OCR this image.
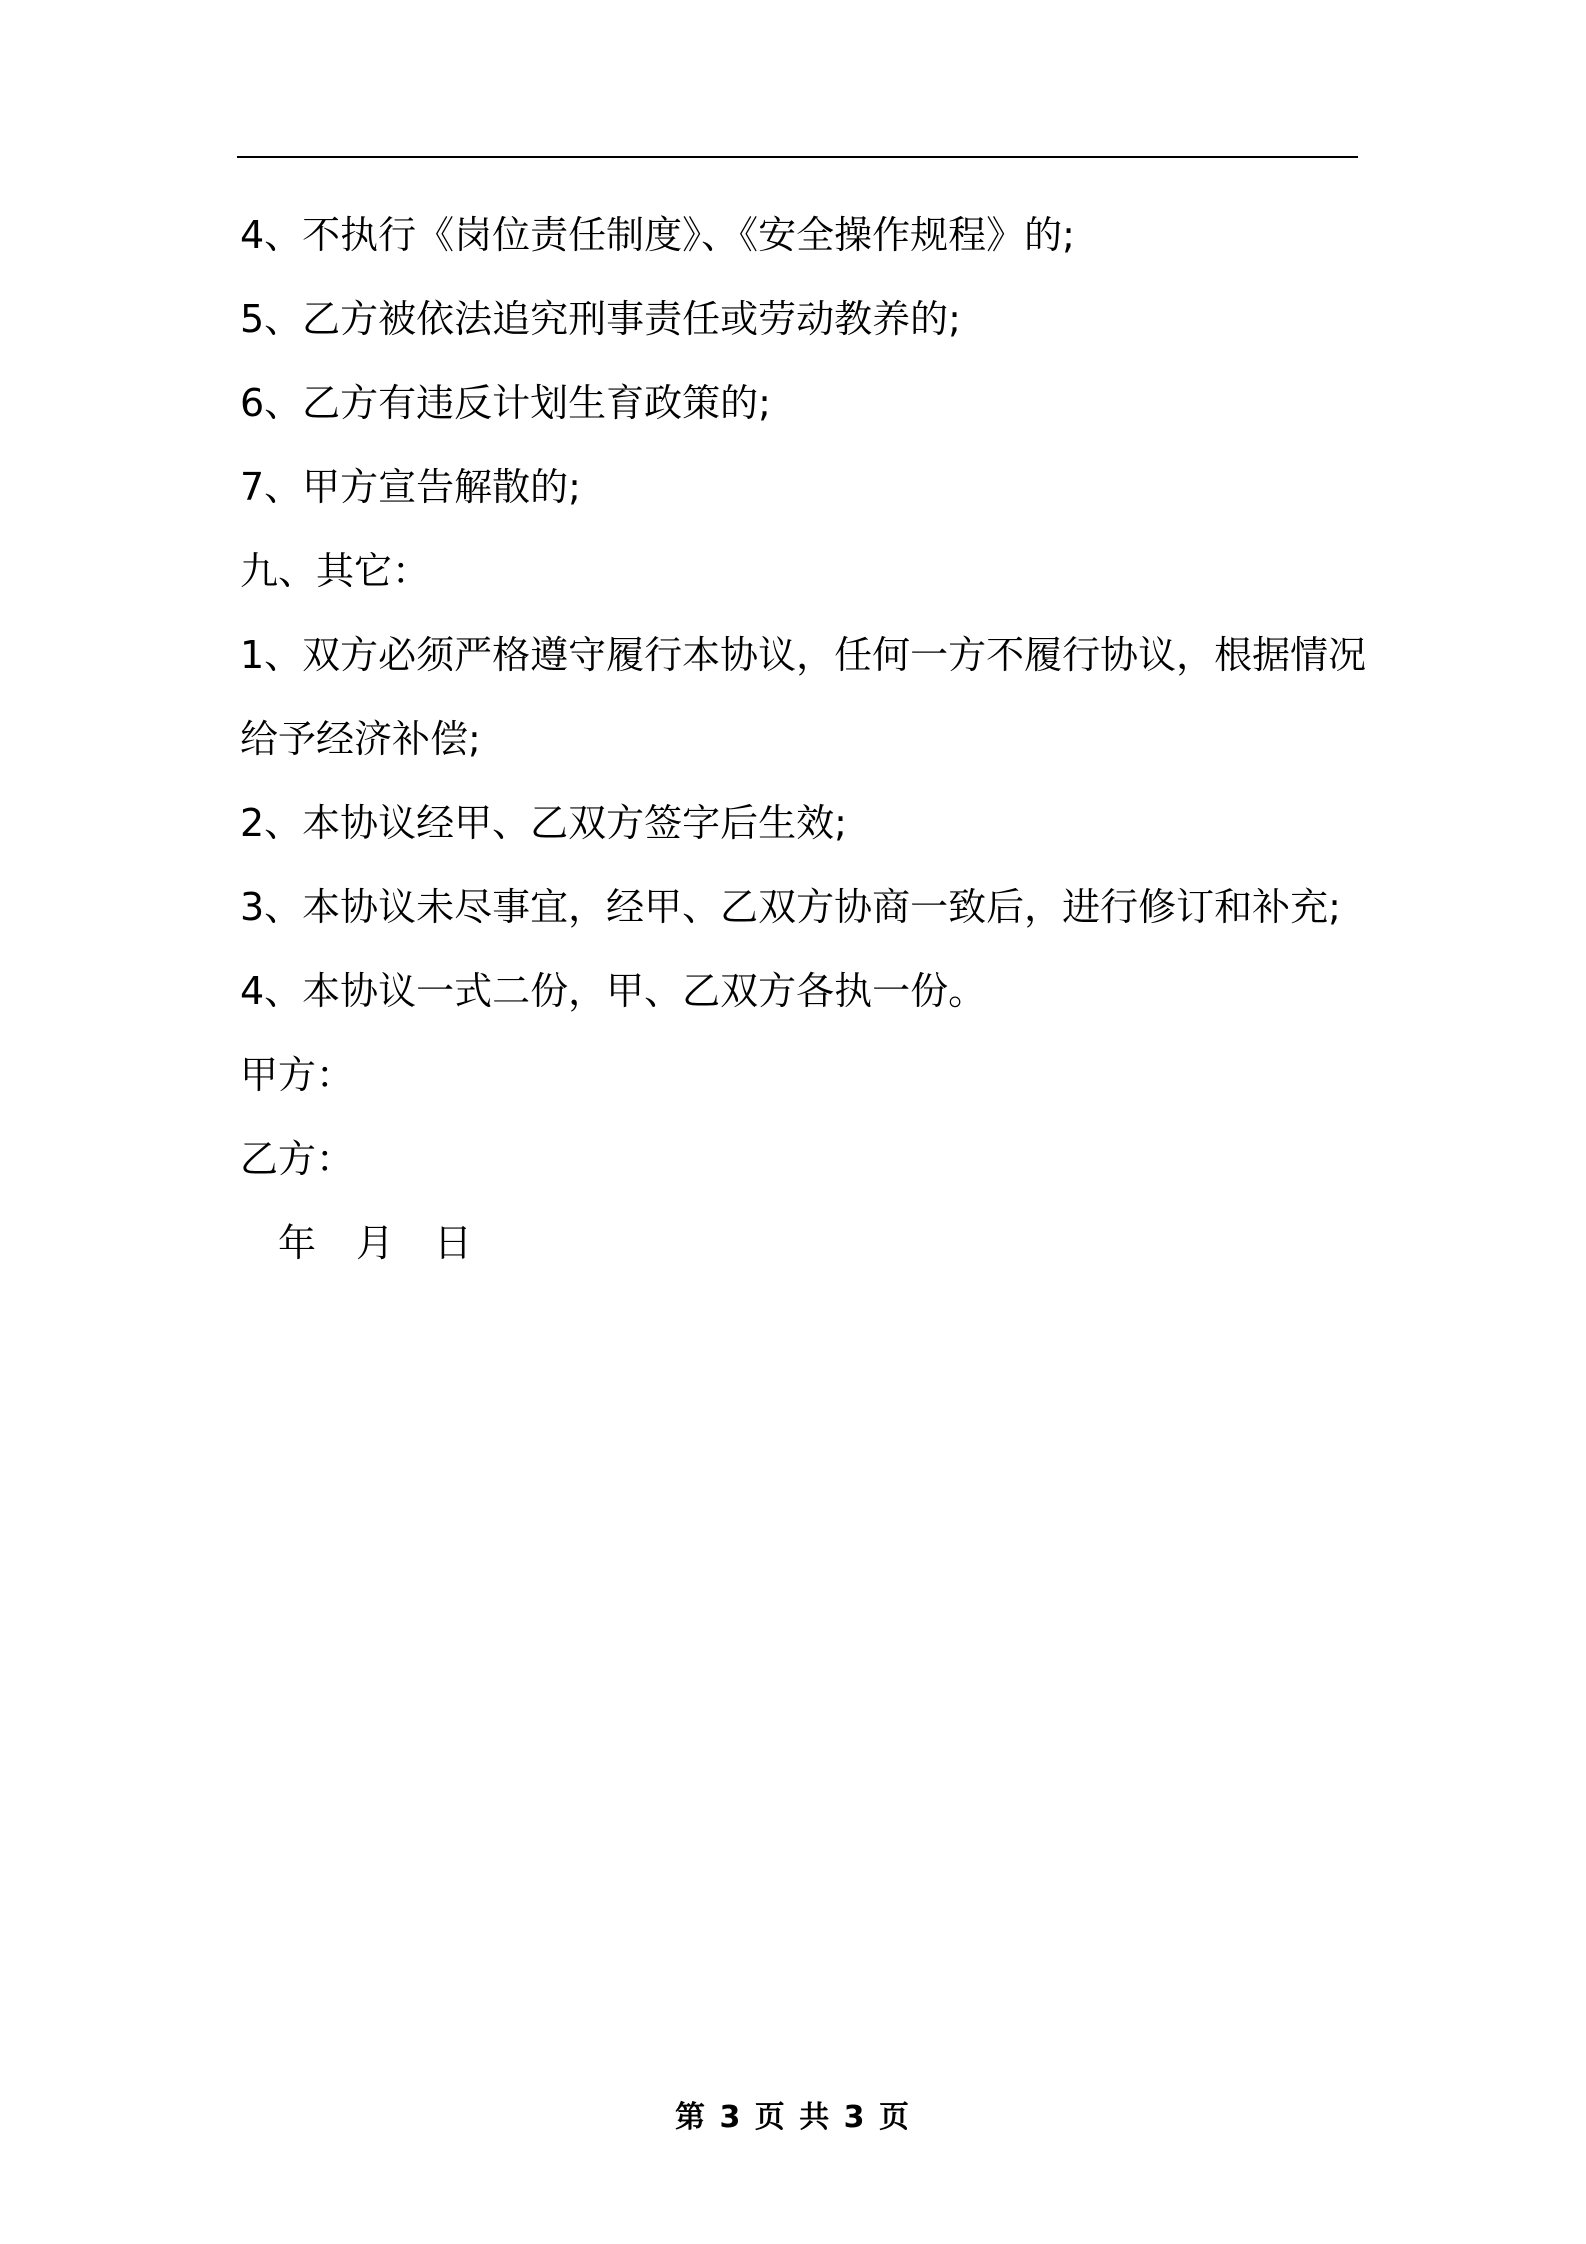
4、不执行《岗位责任制度》、《安全操作规程》的;
5、乙方被依法追究刑事责任或劳动教养的;
6、乙方有违反计划生育政策的;
7、甲方宣告解散的;
九、其它：
1、双方必须严格遵守履行本协议，任何一方不履行协议，根据情况
给予经济补偿;
2、本协议经甲、乙双方签字后生效;
3、本协议未尽事宜，经甲、乙双方协商一致后，进行修订和补充;
4、本协议一式二份，甲、乙双方各执一份。
甲方：
乙方：
年 月 日
第 3 页 共 3 页
